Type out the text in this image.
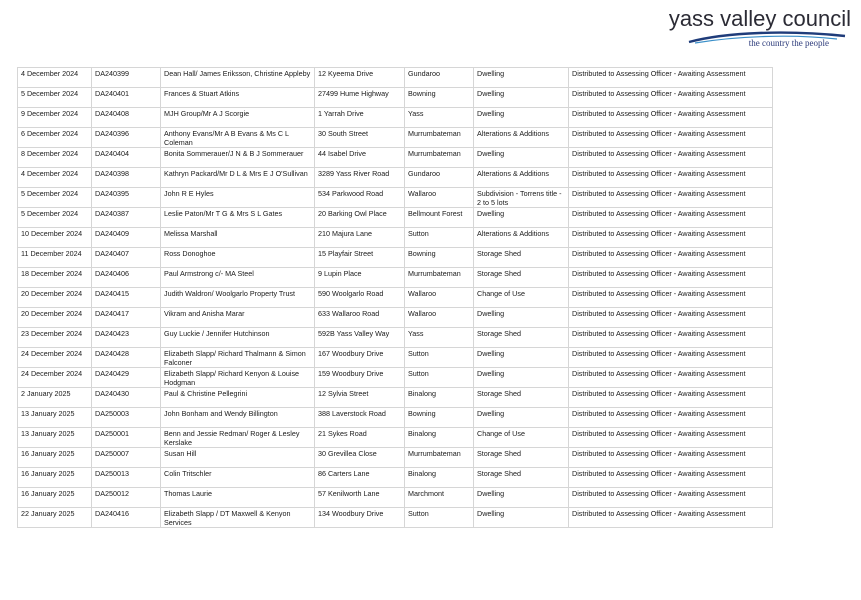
yass valley council
the country the people
4 December 2024	DA240399	Dean Hall/ James Eriksson, Christine Appleby	12 Kyeema Drive	Gundaroo	Dwelling	Distributed to Assessing Officer - Awaiting Assessment
5 December 2024	DA240401	Frances & Stuart Atkins	27499 Hume Highway	Bowning	Dwelling	Distributed to Assessing Officer - Awaiting Assessment
9 December 2024	DA240408	MJH Group/Mr A J Scorgie	1 Yarrah Drive	Yass	Dwelling	Distributed to Assessing Officer - Awaiting Assessment
6 December 2024	DA240396	Anthony Evans/Mr A B Evans & Ms C L Coleman	30 South Street	Murrumbateman	Alterations & Additions	Distributed to Assessing Officer - Awaiting Assessment
8 December 2024	DA240404	Bonita Sommerauer/J N & B J Sommerauer	44 Isabel Drive	Murrumbateman	Dwelling	Distributed to Assessing Officer - Awaiting Assessment
4 December 2024	DA240398	Kathryn Packard/Mr D L & Mrs E J O'Sullivan	3289 Yass River Road	Gundaroo	Alterations & Additions	Distributed to Assessing Officer - Awaiting Assessment
5 December 2024	DA240395	John R E Hyles	534 Parkwood Road	Wallaroo	Subdivision - Torrens title - 2 to 5 lots	Distributed to Assessing Officer - Awaiting Assessment
5 December 2024	DA240387	Leslie Paton/Mr T G & Mrs S L Gates	20 Barking Owl Place	Bellmount Forest	Dwelling	Distributed to Assessing Officer - Awaiting Assessment
10 December 2024	DA240409	Melissa Marshall	210 Majura Lane	Sutton	Alterations & Additions	Distributed to Assessing Officer - Awaiting Assessment
11 December 2024	DA240407	Ross Donoghoe	15 Playfair Street	Bowning	Storage Shed	Distributed to Assessing Officer - Awaiting Assessment
18 December 2024	DA240406	Paul Armstrong c/- MA Steel	9 Lupin Place	Murrumbateman	Storage Shed	Distributed to Assessing Officer - Awaiting Assessment
20 December 2024	DA240415	Judith Waldron/ Woolgarlo Property Trust	590 Woolgarlo Road	Wallaroo	Change of Use	Distributed to Assessing Officer - Awaiting Assessment
20 December 2024	DA240417	Vikram and Anisha Marar	633 Wallaroo Road	Wallaroo	Dwelling	Distributed to Assessing Officer - Awaiting Assessment
23 December 2024	DA240423	Guy Luckie / Jennifer Hutchinson	592B Yass Valley Way	Yass	Storage Shed	Distributed to Assessing Officer - Awaiting Assessment
24 December 2024	DA240428	Elizabeth Slapp/ Richard Thalmann & Simon Falconer	167 Woodbury Drive	Sutton	Dwelling	Distributed to Assessing Officer - Awaiting Assessment
24 December 2024	DA240429	Elizabeth Slapp/ Richard Kenyon & Louise Hodgman	159 Woodbury Drive	Sutton	Dwelling	Distributed to Assessing Officer - Awaiting Assessment
2 January 2025	DA240430	Paul & Christine Pellegrini	12 Sylvia Street	Binalong	Storage Shed	Distributed to Assessing Officer - Awaiting Assessment
13 January 2025	DA250003	John Bonham and Wendy Billington	388 Laverstock Road	Bowning	Dwelling	Distributed to Assessing Officer - Awaiting Assessment
13 January 2025	DA250001	Benn and Jessie Redman/ Roger & Lesley Kerslake	21 Sykes Road	Binalong	Change of Use	Distributed to Assessing Officer - Awaiting Assessment
16 January 2025	DA250007	Susan Hill	30 Grevillea Close	Murrumbateman	Storage Shed	Distributed to Assessing Officer - Awaiting Assessment
16 January 2025	DA250013	Colin Tritschler	86 Carters Lane	Binalong	Storage Shed	Distributed to Assessing Officer - Awaiting Assessment
16 January 2025	DA250012	Thomas Laurie	57 Kenilworth Lane	Marchmont	Dwelling	Distributed to Assessing Officer - Awaiting Assessment
22 January 2025	DA240416	Elizabeth Slapp / DT Maxwell & Kenyon Services	134 Woodbury Drive	Sutton	Dwelling	Distributed to Assessing Officer - Awaiting Assessment
